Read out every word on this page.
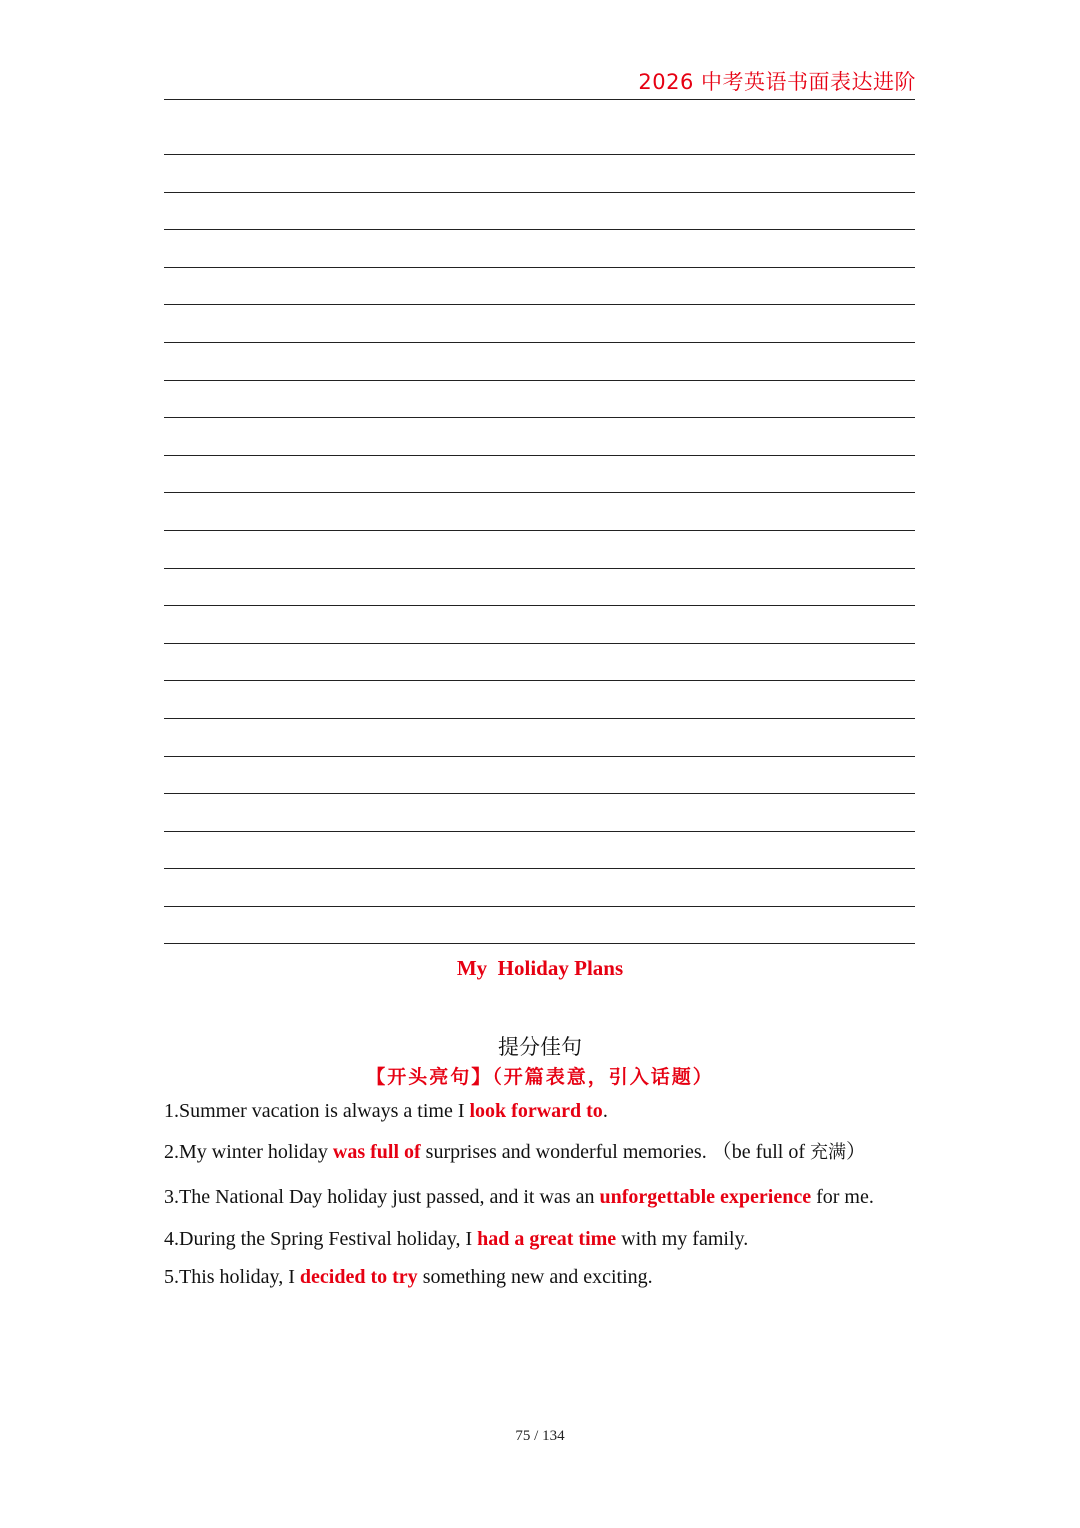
2026 中考英语书面表达进阶
My  Holiday Plans
提分佳句
【开头亮句】（开篇表意，引入话题）

1.Summer vacation is always a time I look forward to.

2.My winter holiday was full of surprises and wonderful memories. （be full of 充满）

3.The National Day holiday just passed, and it was an unforgettable experience for me.

4.During the Spring Festival holiday, I had a great time with my family.

5.This holiday, I decided to try something new and exciting.

75 / 134
